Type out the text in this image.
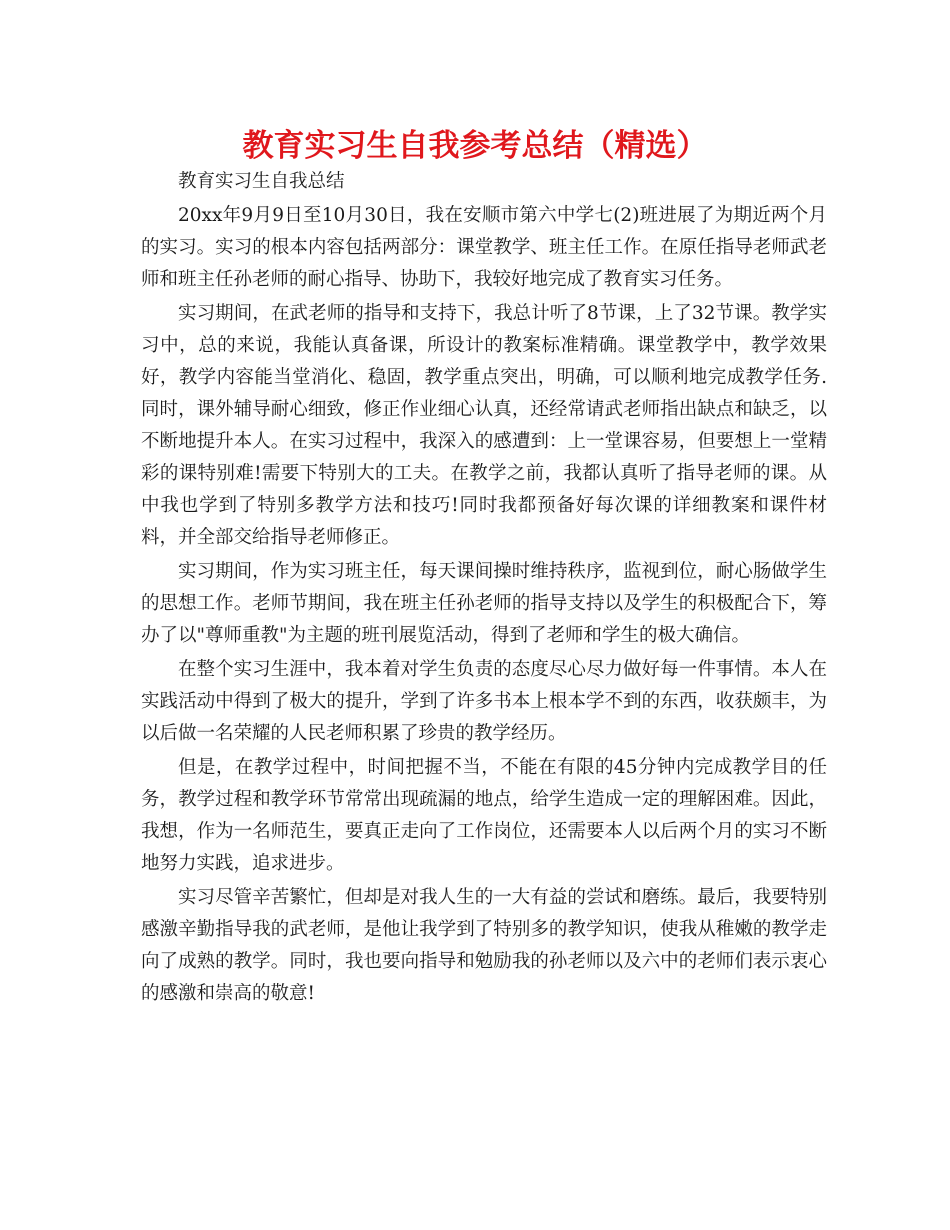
教育实习生自我参考总结（精选）

教育实习生自我总结

20xx年9月9日至10月30日，我在安顺市第六中学七(2)班进展了为期近两个月的实习。实习的根本内容包括两部分：课堂教学、班主任工作。在原任指导老师武老师和班主任孙老师的耐心指导、协助下，我较好地完成了教育实习任务。

实习期间，在武老师的指导和支持下，我总计听了8节课，上了32节课。教学实习中，总的来说，我能认真备课，所设计的教案标准精确。课堂教学中，教学效果好，教学内容能当堂消化、稳固，教学重点突出，明确，可以顺利地完成教学任务.同时，课外辅导耐心细致，修正作业细心认真，还经常请武老师指出缺点和缺乏，以不断地提升本人。在实习过程中，我深入的感遭到：上一堂课容易，但要想上一堂精彩的课特别难!需要下特别大的工夫。在教学之前，我都认真听了指导老师的课。从中我也学到了特别多教学方法和技巧!同时我都预备好每次课的详细教案和课件材料，并全部交给指导老师修正。

实习期间，作为实习班主任，每天课间操时维持秩序，监视到位，耐心肠做学生的思想工作。老师节期间，我在班主任孙老师的指导支持以及学生的积极配合下，筹办了以"尊师重教"为主题的班刊展览活动，得到了老师和学生的极大确信。

在整个实习生涯中，我本着对学生负责的态度尽心尽力做好每一件事情。本人在实践活动中得到了极大的提升，学到了许多书本上根本学不到的东西，收获颇丰，为以后做一名荣耀的人民老师积累了珍贵的教学经历。

但是，在教学过程中，时间把握不当，不能在有限的45分钟内完成教学目的任务，教学过程和教学环节常常出现疏漏的地点，给学生造成一定的理解困难。因此，我想，作为一名师范生，要真正走向了工作岗位，还需要本人以后两个月的实习不断地努力实践，追求进步。

实习尽管辛苦繁忙，但却是对我人生的一大有益的尝试和磨练。最后，我要特别感激辛勤指导我的武老师，是他让我学到了特别多的教学知识，使我从稚嫩的教学走向了成熟的教学。同时，我也要向指导和勉励我的孙老师以及六中的老师们表示衷心的感激和崇高的敬意!
